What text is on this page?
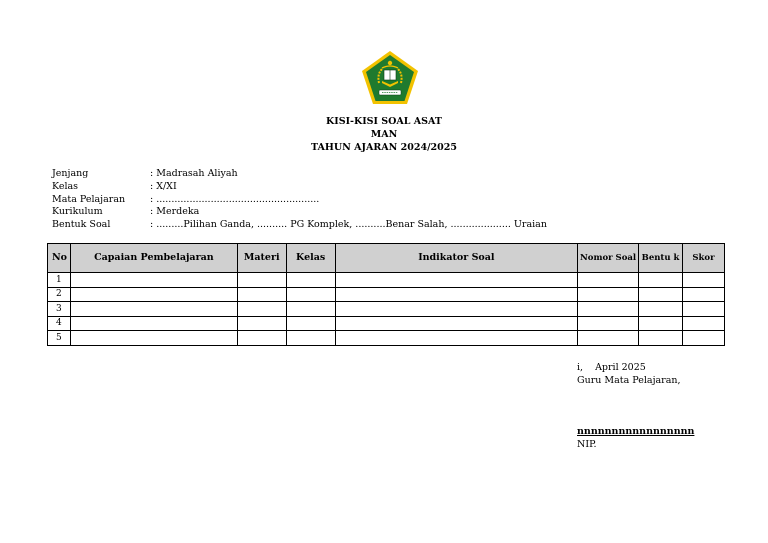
KISI-KISI SOAL ASAT
MAN
TAHUN AJARAN 2024/2025
Jenjang	: Madrasah Aliyah
Kelas	: X/XI
Mata Pelajaran	: ......................................................
Kurikulum	: Merdeka
Bentuk Soal	: .........Pilihan Ganda, .......... PG Komplek, ..........Benar Salah, .................... Uraian
No	Capaian Pembelajaran	Materi	Kelas	Indikator Soal	Nomor Soal	Bentu k	Skor
1							
2							
3							
4							
5							
i, April 2025
Guru Mata Pelajaran,
nnnnnnnnnnnnnnnnn
NIP.
